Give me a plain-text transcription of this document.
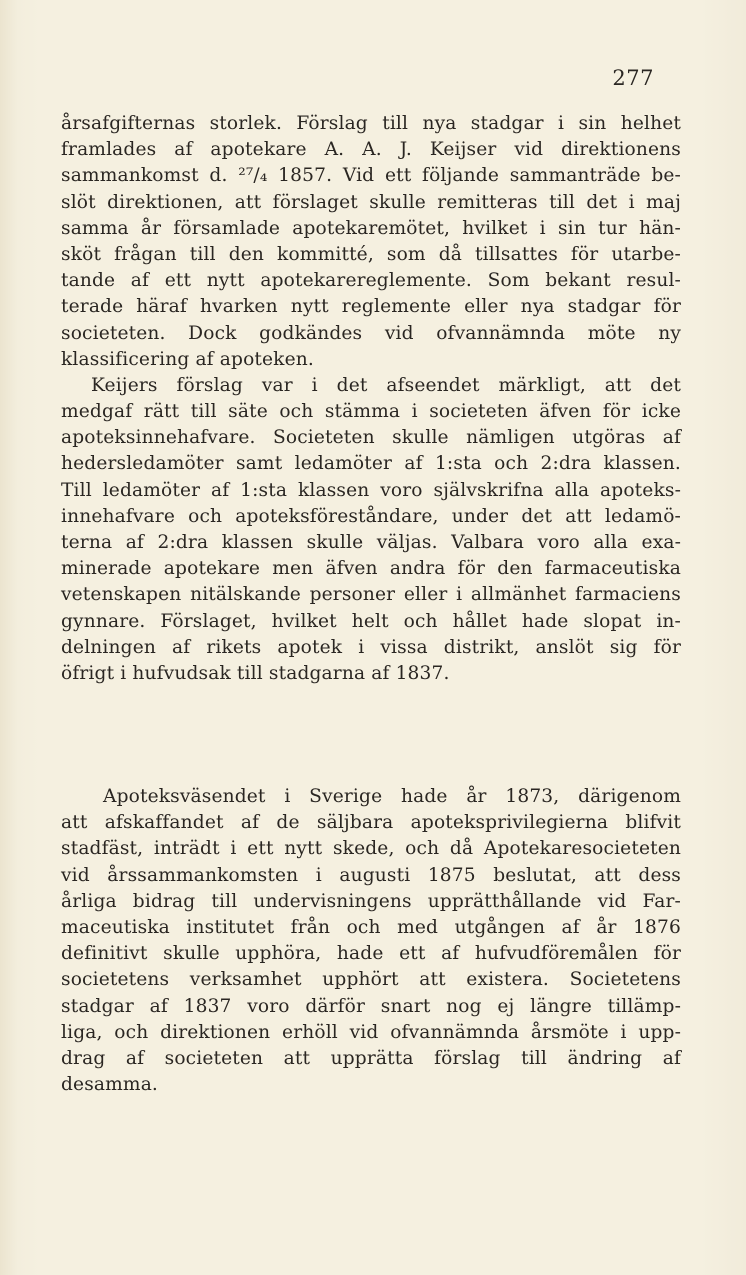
277
årsafgifternas storlek. Förslag till nya stadgar i sin helhet
framlades af apotekare A. A. J. Keijser vid direktionens
sammankomst d. ²⁷/₄ 1857. Vid ett följande sammanträde be-
slöt direktionen, att förslaget skulle remitteras till det i maj
samma år församlade apotekaremötet, hvilket i sin tur hän-
sköt frågan till den kommitté, som då tillsattes för utarbe-
tande af ett nytt apotekarereglemente. Som bekant resul-
terade häraf hvarken nytt reglemente eller nya stadgar för
societeten. Dock godkändes vid ofvannämnda möte ny
klassificering af apoteken.
Keijers förslag var i det afseendet märkligt, att det
medgaf rätt till säte och stämma i societeten äfven för icke
apoteksinnehafvare. Societeten skulle nämligen utgöras af
hedersledamöter samt ledamöter af 1:sta och 2:dra klassen.
Till ledamöter af 1:sta klassen voro självskrifna alla apoteks-
innehafvare och apoteksföreståndare, under det att ledamö-
terna af 2:dra klassen skulle väljas. Valbara voro alla exa-
minerade apotekare men äfven andra för den farmaceutiska
vetenskapen nitälskande personer eller i allmänhet farmaciens
gynnare. Förslaget, hvilket helt och hållet hade slopat in-
delningen af rikets apotek i vissa distrikt, anslöt sig för
öfrigt i hufvudsak till stadgarna af 1837.
Apoteksväsendet i Sverige hade år 1873, därigenom
att afskaffandet af de säljbara apoteksprivilegierna blifvit
stadfäst, inträdt i ett nytt skede, och då Apotekaresocieteten
vid årssammankomsten i augusti 1875 beslutat, att dess
årliga bidrag till undervisningens upprätthållande vid Far-
maceutiska institutet från och med utgången af år 1876
definitivt skulle upphöra, hade ett af hufvudföremålen för
societetens verksamhet upphört att existera. Societetens
stadgar af 1837 voro därför snart nog ej längre tillämp-
liga, och direktionen erhöll vid ofvannämnda årsmöte i upp-
drag af societeten att upprätta förslag till ändring af
desamma.
